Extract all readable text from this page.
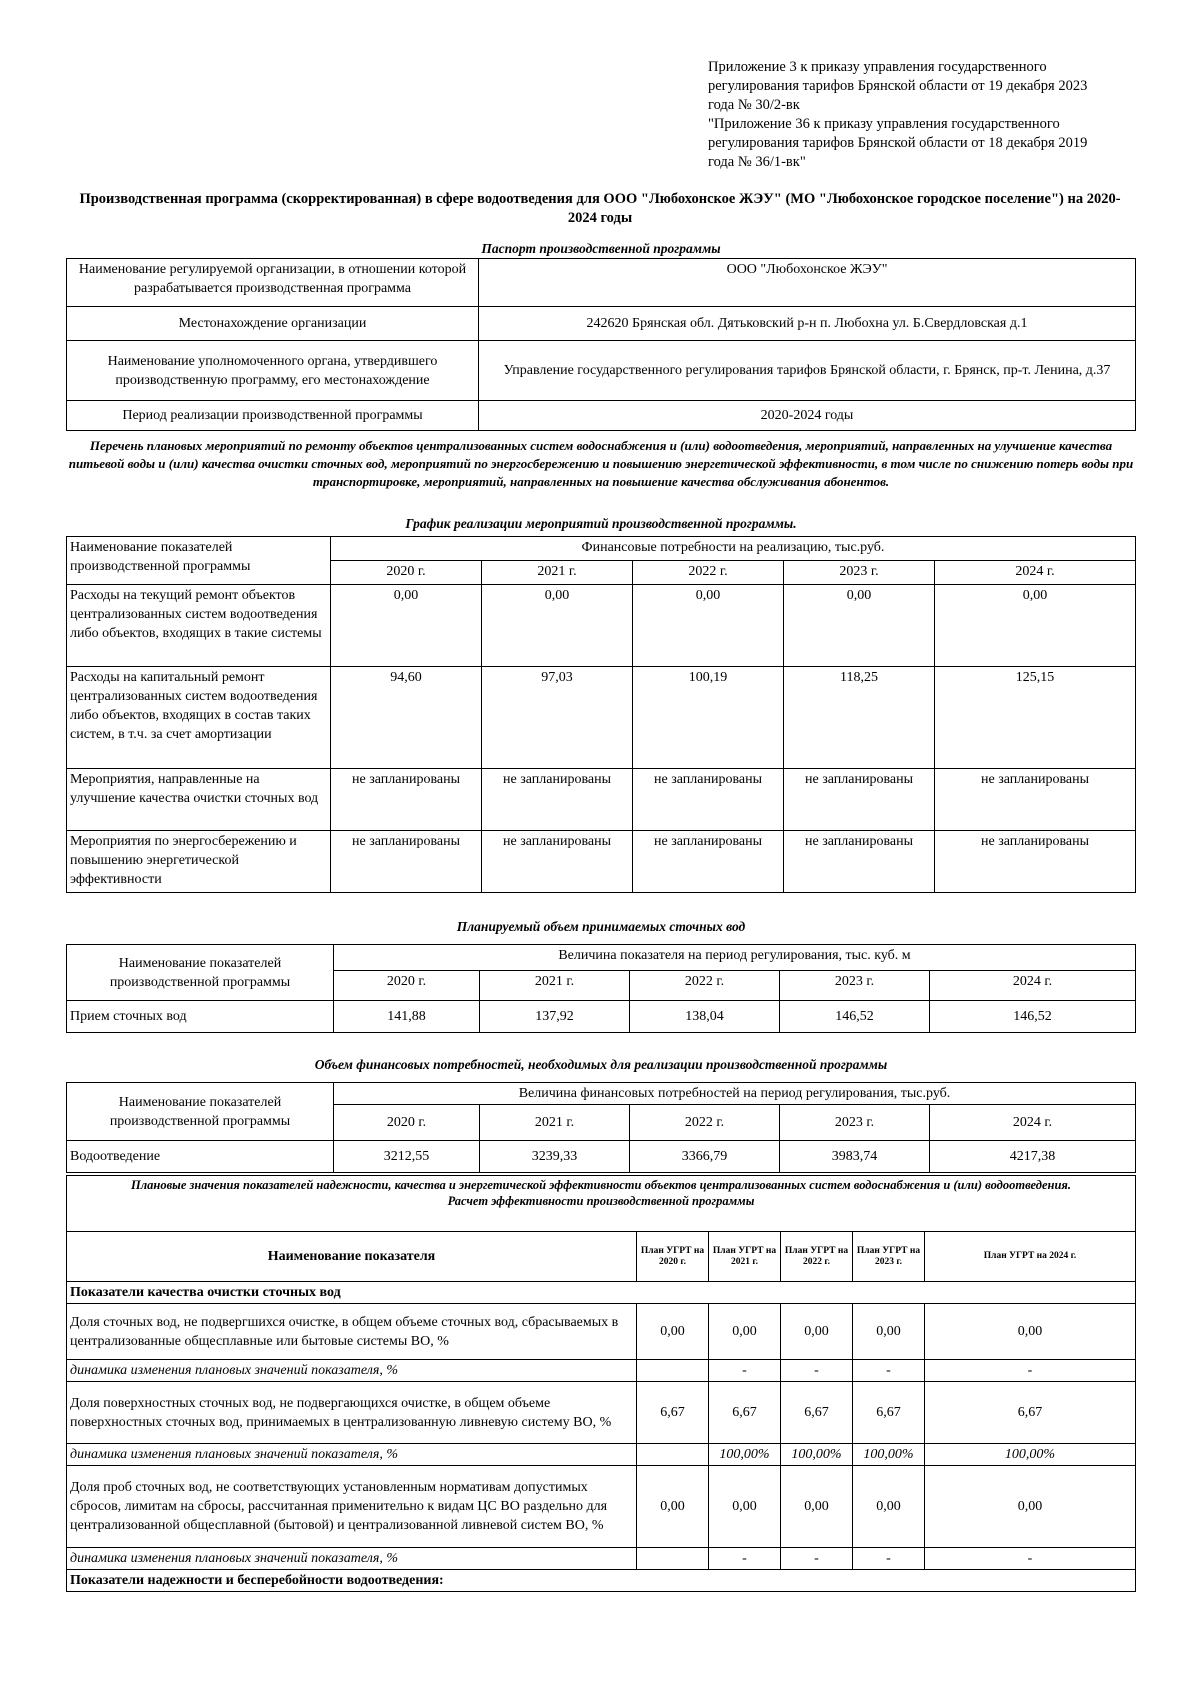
Приложение 3 к приказу управления государственного
регулирования тарифов Брянской области от 19 декабря 2023
года № 30/2-вк
"Приложение 36 к приказу управления государственного
регулирования тарифов Брянской области от 18 декабря 2019
года № 36/1-вк"
Производственная программа (скорректированная) в сфере водоотведения для ООО "Любохонское ЖЭУ" (МО "Любохонское городское поселение") на 2020-2024 годы
Паспорт производственной программы
Наименование регулируемой организации, в отношении которой разрабатывается производственная программа	ООО "Любохонское ЖЭУ"
Местонахождение организации	242620 Брянская обл. Дятьковский р-н п. Любохна ул. Б.Свердловская д.1
Наименование уполномоченного органа, утвердившего производственную программу, его местонахождение	Управление государственного регулирования тарифов Брянской области, г. Брянск, пр-т. Ленина, д.37
Период реализации производственной программы	2020-2024 годы
Перечень плановых мероприятий по ремонту объектов централизованных систем водоснабжения и (или) водоотведения, мероприятий, направленных на улучшение качества питьевой воды и (или) качества очистки сточных вод, мероприятий по энергосбережению и повышению энергетической эффективности, в том числе по снижению потерь воды при транспортировке, мероприятий, направленных на повышение качества обслуживания абонентов.
График реализации мероприятий производственной программы.
Наименование показателей производственной программы	Финансовые потребности на реализацию, тыс.руб.				
	2020 г.	2021 г.	2022 г.	2023 г.	2024 г.
Расходы на текущий ремонт объектов централизованных систем водоотведения либо объектов, входящих в такие системы	0,00	0,00	0,00	0,00	0,00
Расходы на капитальный ремонт централизованных систем водоотведения либо объектов, входящих в состав таких систем, в т.ч. за счет амортизации	94,60	97,03	100,19	118,25	125,15
Мероприятия, направленные на улучшение качества очистки сточных вод	не запланированы	не запланированы	не запланированы	не запланированы	не запланированы
Мероприятия по энергосбережению и повышению энергетической эффективности	не запланированы	не запланированы	не запланированы	не запланированы	не запланированы
Планируемый объем принимаемых сточных вод
Наименование показателей производственной программы	Величина показателя на период регулирования, тыс. куб. м				
	2020 г.	2021 г.	2022 г.	2023 г.	2024 г.
Прием сточных вод	141,88	137,92	138,04	146,52	146,52
Объем финансовых потребностей, необходимых для реализации производственной программы
Наименование показателей производственной программы	Величина финансовых потребностей на период регулирования, тыс.руб.				
	2020 г.	2021 г.	2022 г.	2023 г.	2024 г.
Водоотведение	3212,55	3239,33	3366,79	3983,74	4217,38
Плановые значения показателей надежности, качества и энергетической эффективности объектов централизованных систем водоснабжения и (или) водоотведения.
Расчет эффективности производственной программы					

Наименование показателя	План УГРТ на 2020 г.	План УГРТ на 2021 г.	План УГРТ на 2022 г.	План УГРТ на 2023 г.	План УГРТ на 2024 г.
Показатели качества очистки сточных вод					
Доля сточных вод, не подвергшихся очистке, в общем объеме сточных вод, сбрасываемых в централизованные общесплавные или бытовые системы ВО, %	0,00	0,00	0,00	0,00	0,00
динамика изменения плановых значений показателя, %		-	-	-	-
Доля поверхностных сточных вод, не подвергающихся очистке, в общем объеме поверхностных сточных вод, принимаемых в централизованную ливневую систему ВО, %	6,67	6,67	6,67	6,67	6,67
динамика изменения плановых значений показателя, %		100,00%	100,00%	100,00%	100,00%
Доля проб сточных вод, не соответствующих установленным нормативам допустимых сбросов, лимитам на сбросы, рассчитанная применительно к видам ЦС ВО раздельно для централизованной общесплавной (бытовой) и централизованной ливневой систем ВО, %	0,00	0,00	0,00	0,00	0,00
динамика изменения плановых значений показателя, %		-	-	-	-
Показатели надежности и бесперебойности водоотведения:					
